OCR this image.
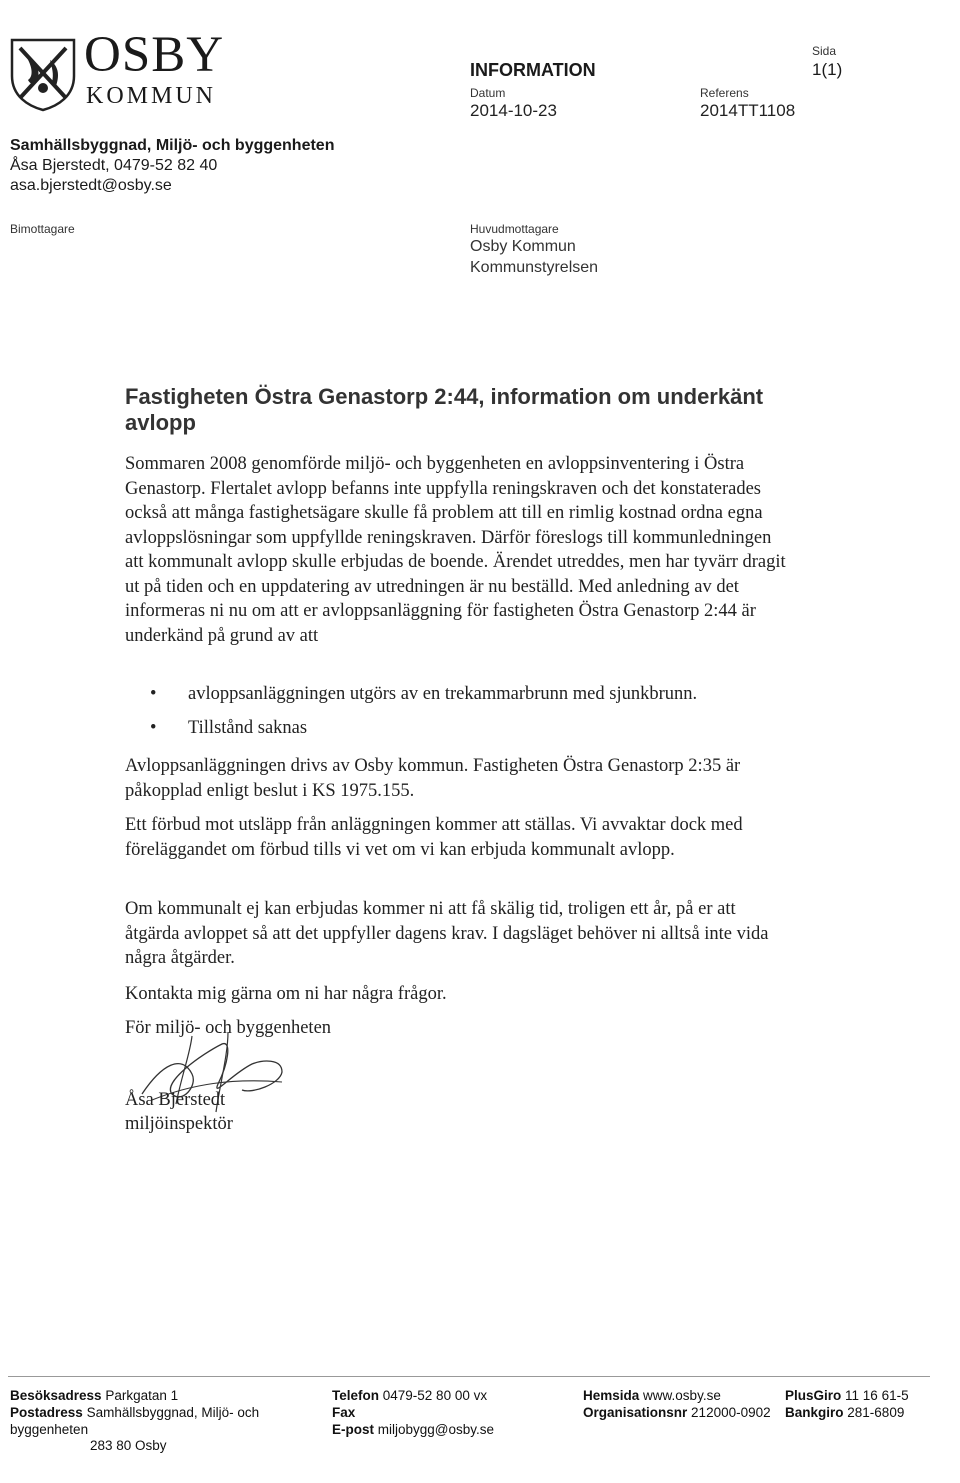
OSBY
KOMMUN
INFORMATION
Datum
2014-10-23
Referens
2014TT1108
Sida
1(1)
Samhällsbyggnad, Miljö- och byggenheten
Åsa Bjerstedt, 0479-52 82 40
asa.bjerstedt@osby.se
Bimottagare	Huvudmottagare
Osby Kommun
Kommunstyrelsen
Fastigheten Östra Genastorp 2:44, information om underkänt avlopp
Sommaren 2008 genomförde miljö- och byggenheten en avloppsinventering i Östra Genastorp. Flertalet avlopp befanns inte uppfylla reningskraven och det konstaterades också att många fastighetsägare skulle få problem att till en rimlig kostnad ordna egna avloppslösningar som uppfyllde reningskraven. Därför föreslogs till kommunledningen att kommunalt avlopp skulle erbjudas de boende. Ärendet utreddes, men har tyvärr dragit ut på tiden och en uppdatering av utredningen är nu beställd. Med anledning av det informeras ni nu om att er avloppsanläggning för fastigheten Östra Genastorp 2:44 är underkänd på grund av att
•	avloppsanläggningen utgörs av en trekammarbrunn med sjunkbrunn.
•	Tillstånd saknas
Avloppsanläggningen drivs av Osby kommun. Fastigheten Östra Genastorp 2:35 är påkopplad enligt beslut i KS 1975.155.
Ett förbud mot utsläpp från anläggningen kommer att ställas. Vi avvaktar dock med föreläggandet om förbud tills vi vet om vi kan erbjuda kommunalt avlopp.
Om kommunalt ej kan erbjudas kommer ni att få skälig tid, troligen ett år, på er att åtgärda avloppet så att det uppfyller dagens krav. I dagsläget behöver ni alltså inte vida några åtgärder.
Kontakta mig gärna om ni har några frågor.
För miljö- och byggenheten
Åsa Bjerstedt
miljöinspektör
Besöksadress Parkgatan 1
Postadress Samhällsbyggnad, Miljö- och byggenheten
283 80 Osby
Telefon 0479-52 80 00 vx
Fax
E-post miljobygg@osby.se
Hemsida www.osby.se	PlusGiro 11 16 61-5
Organisationsnr 212000-0902	Bankgiro 281-6809
